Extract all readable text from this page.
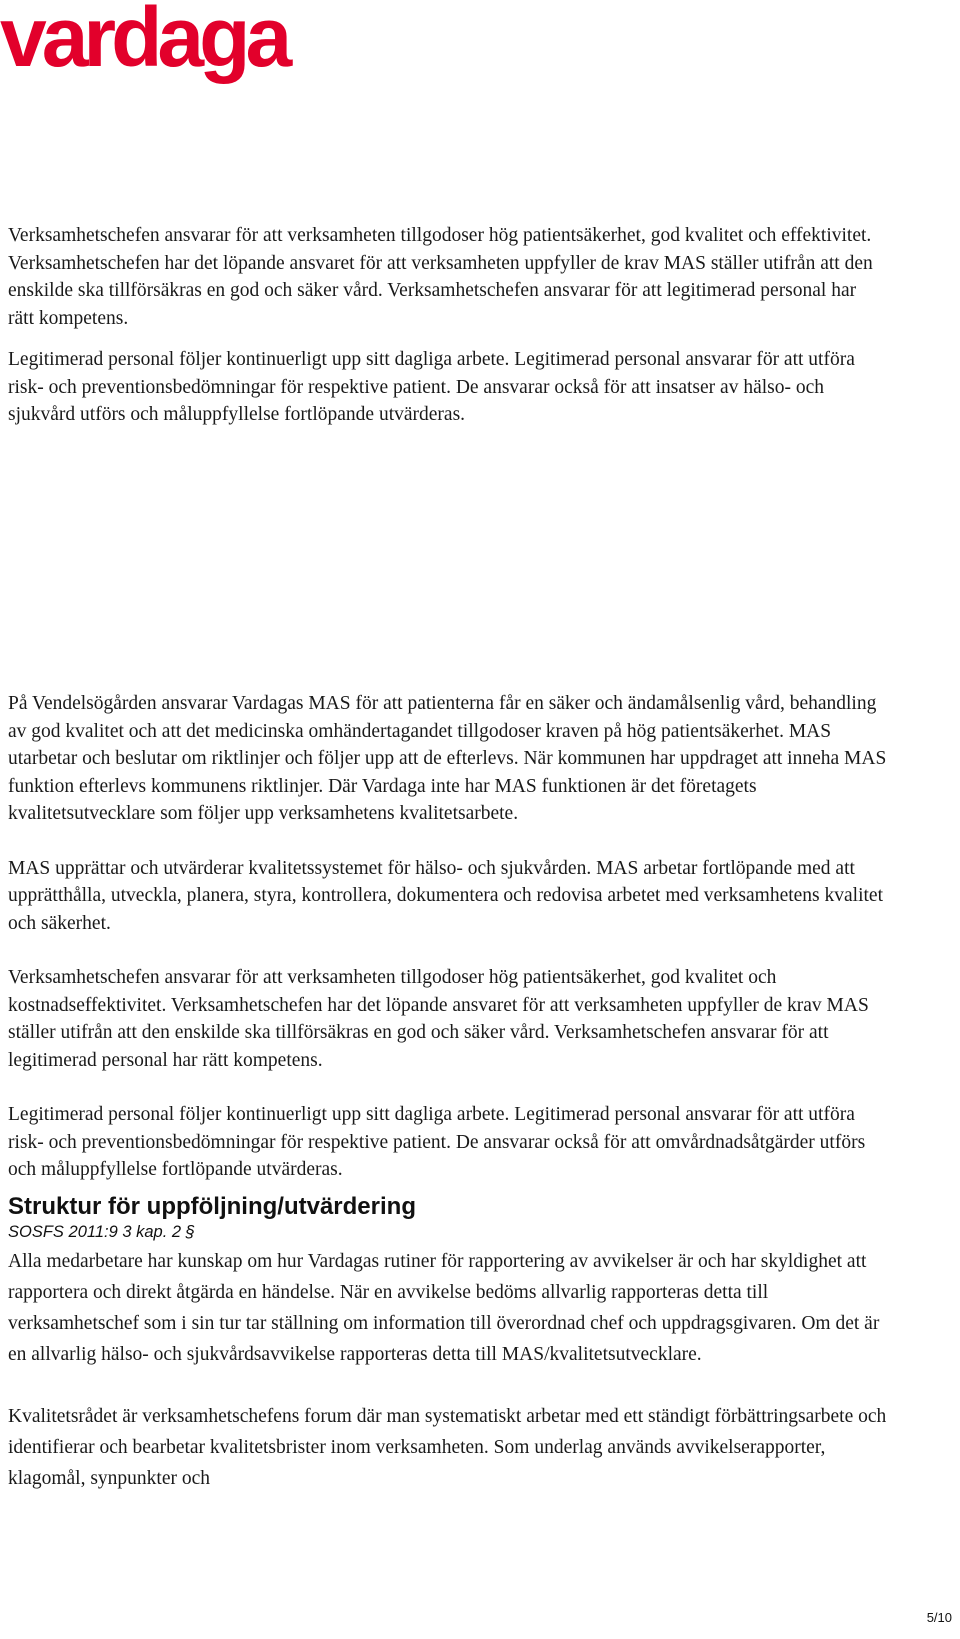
vardaga

Verksamhetschefen ansvarar för att verksamheten tillgodoser hög patientsäkerhet, god kvalitet och effektivitet. Verksamhetschefen har det löpande ansvaret för att verksamheten uppfyller de krav MAS ställer utifrån att den enskilde ska tillförsäkras en god och säker vård. Verksamhetschefen ansvarar för att legitimerad personal har rätt kompetens.

Legitimerad personal följer kontinuerligt upp sitt dagliga arbete. Legitimerad personal ansvarar för att utföra risk- och preventionsbedömningar för respektive patient. De ansvarar också för att insatser av hälso- och sjukvård utförs och måluppfyllelse fortlöpande utvärderas.

På Vendelsögården ansvarar Vardagas MAS för att patienterna får en säker och ändamålsenlig vård, behandling av god kvalitet och att det medicinska omhändertagandet tillgodoser kraven på hög patientsäkerhet. MAS utarbetar och beslutar om riktlinjer och följer upp att de efterlevs. När kommunen har uppdraget att inneha MAS funktion efterlevs kommunens riktlinjer. Där Vardaga inte har MAS funktionen är det företagets kvalitetsutvecklare som följer upp verksamhetens kvalitetsarbete.

MAS upprättar och utvärderar kvalitetssystemet för hälso- och sjukvården. MAS arbetar fortlöpande med att upprätthålla, utveckla, planera, styra, kontrollera, dokumentera och redovisa arbetet med verksamhetens kvalitet och säkerhet.

Verksamhetschefen ansvarar för att verksamheten tillgodoser hög patientsäkerhet, god kvalitet och kostnadseffektivitet. Verksamhetschefen har det löpande ansvaret för att verksamheten uppfyller de krav MAS ställer utifrån att den enskilde ska tillförsäkras en god och säker vård. Verksamhetschefen ansvarar för att legitimerad personal har rätt kompetens.

Legitimerad personal följer kontinuerligt upp sitt dagliga arbete. Legitimerad personal ansvarar för att utföra risk- och preventionsbedömningar för respektive patient. De ansvarar också för att omvårdnadsåtgärder utförs och måluppfyllelse fortlöpande utvärderas.

Struktur för uppföljning/utvärdering

SOSFS 2011:9 3 kap. 2 §

Alla medarbetare har kunskap om hur Vardagas rutiner för rapportering av avvikelser är och har skyldighet att rapportera och direkt åtgärda en händelse. När en avvikelse bedöms allvarlig rapporteras detta till verksamhetschef som i sin tur tar ställning om information till överordnad chef och uppdragsgivaren. Om det är en allvarlig hälso- och sjukvårdsavvikelse rapporteras detta till MAS/kvalitetsutvecklare.

Kvalitetsrådet är verksamhetschefens forum där man systematiskt arbetar med ett ständigt förbättringsarbete och identifierar och bearbetar kvalitetsbrister inom verksamheten. Som underlag används avvikelserapporter, klagomål, synpunkter och

5/10
